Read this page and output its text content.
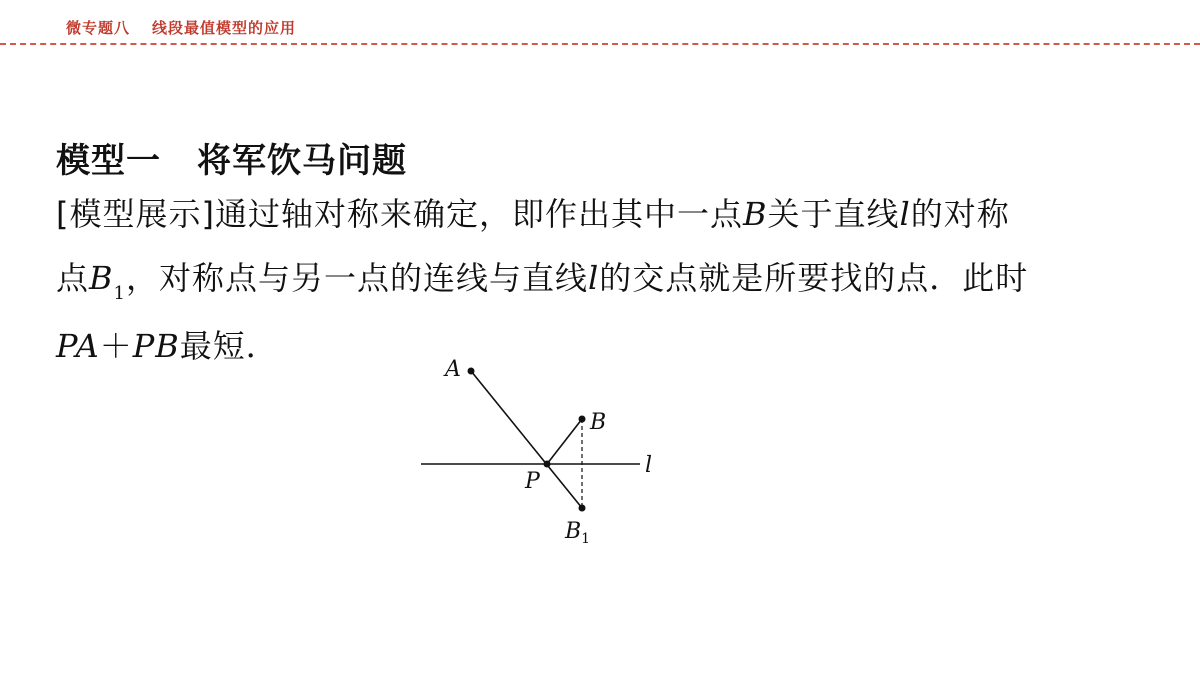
微专题八 线段最值模型的应用
模型一 将军饮马问题
[模型展示]通过轴对称来确定，即作出其中一点B关于直线l的对称
点$B_1$，对称点与另一点的连线与直线l的交点就是所要找的点．此时
PA＋PB最短．
A
B
P
l
$B_1$
